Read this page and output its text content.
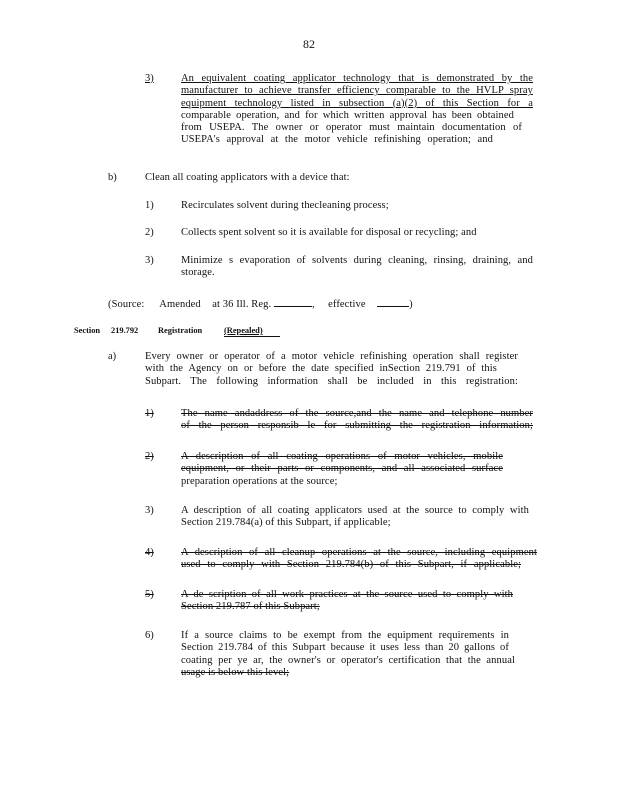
82
3)	An equivalent coating applicator technology that is demonstrated by the
manufacturer to achieve transfer efficiency comparable to the HVLP spray
equipment technology listed in subsection (a)(2) of this Section for a
comparable operation, and for which written approval has been obtained
from USEPA. The owner or operator must maintain documentation of
USEPA's approval at the motor vehicle refinishing operation; and
b)	Clean all coating applicators with a device that:
1)	Recirculates solvent during thecleaning process;
2)	Collects spent solvent so it is available for disposal or recycling; and
3)	Minimize s evaporation of solvents during cleaning, rinsing, draining, and
storage.
(Source: Amended at 36 Ill. Reg.	, effective	)
Section 219.792 Registration	(Repealed)
a)	Every owner or operator of a motor vehicle refinishing operation shall register
with the Agency on or before the date specified inSection 219.791 of this
Subpart. The following information shall be included in this registration:
1)	The name andaddress of the source,and the name and telephone number
of the person responsib le for submitting the registration information;
2)	A description of all coating operations of motor vehicles, mobile
equipment, or their parts or components, and all associated surface
preparation operations at the source;
3)	A description of all coating applicators used at the source to comply with
Section 219.784(a) of this Subpart, if applicable;
4)	A description of all cleanup operations at the source, including equipment
used to comply with Section 219.784(b) of this Subpart, if applicable;
5)	A de scription of all work practices at the source used to comply with
Section 219.787 of this Subpart;
6)	If a source claims to be exempt from the equipment requirements in
Section 219.784 of this Subpart because it uses less than 20 gallons of
coating per ye ar, the owner's or operator's certification that the annual
usage is below this level;
